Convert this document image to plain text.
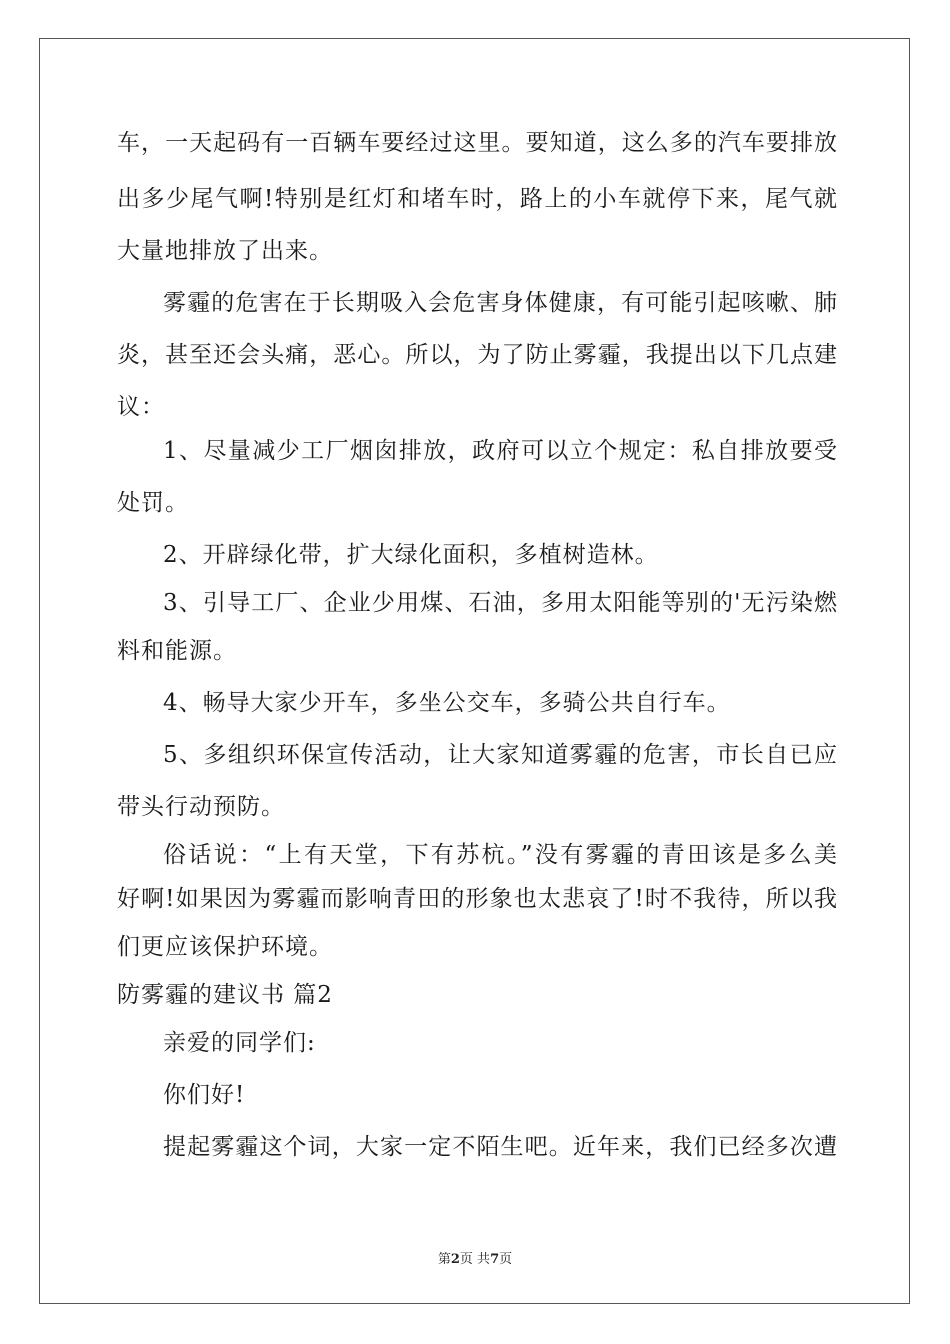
车，一天起码有一百辆车要经过这里。要知道，这么多的汽车要排放
出多少尾气啊!特别是红灯和堵车时，路上的小车就停下来，尾气就
大量地排放了出来。
雾霾的危害在于长期吸入会危害身体健康，有可能引起咳嗽、肺
炎，甚至还会头痛，恶心。所以，为了防止雾霾，我提出以下几点建
议：
1、尽量减少工厂烟囱排放，政府可以立个规定：私自排放要受
处罚。
2、开辟绿化带，扩大绿化面积，多植树造林。
3、引导工厂、企业少用煤、石油，多用太阳能等别的'无污染燃
料和能源。
4、畅导大家少开车，多坐公交车，多骑公共自行车。
5、多组织环保宣传活动，让大家知道雾霾的危害，市长自已应
带头行动预防。
俗话说：“上有天堂，下有苏杭。”没有雾霾的青田该是多么美
好啊!如果因为雾霾而影响青田的形象也太悲哀了!时不我待，所以我
们更应该保护环境。
防雾霾的建议书 篇2
亲爱的同学们:
你们好!
提起雾霾这个词，大家一定不陌生吧。近年来，我们已经多次遭
第2页 共7页
